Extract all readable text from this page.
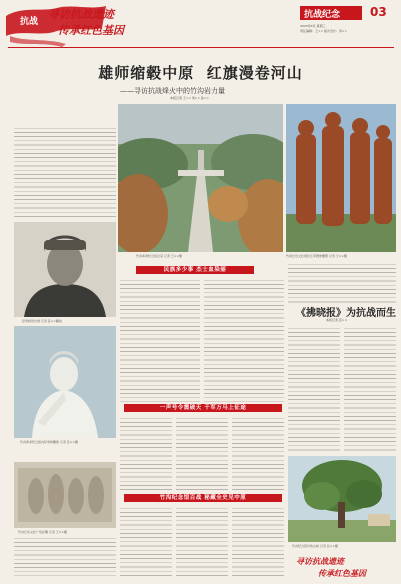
抗战
寻访抗战遗迹
传承红色基因
抗战纪念 03
2025年8月 星期三
责任编辑：王×× 版式设计：李××
雄师缩毂中原  红旗漫卷河山
——寻访抗战烽火中的竹沟岩力量
本报记者 王×× 刘×× 孙××
竹沟革命纪念馆全景 记者 王××摄	竹沟红色文化展区红军群像雕塑 记者 王××摄
彭雪枫同志像 记者 张××翻拍
民族多少事 杰士血染丽
《拂晓报》为抗战而生
本报记者 张××
竹沟革命纪念馆内彭雪枫雕像 记者 张××摄
一声号令震破天 千军万马上征途
竹沟纪念馆外的古树 记者 张××摄
竹沟红色文化广场浮雕 记者 王××摄
竹沟纪念馆百战 秘藏全史见中原
寻访抗战遗迹
传承红色基因
